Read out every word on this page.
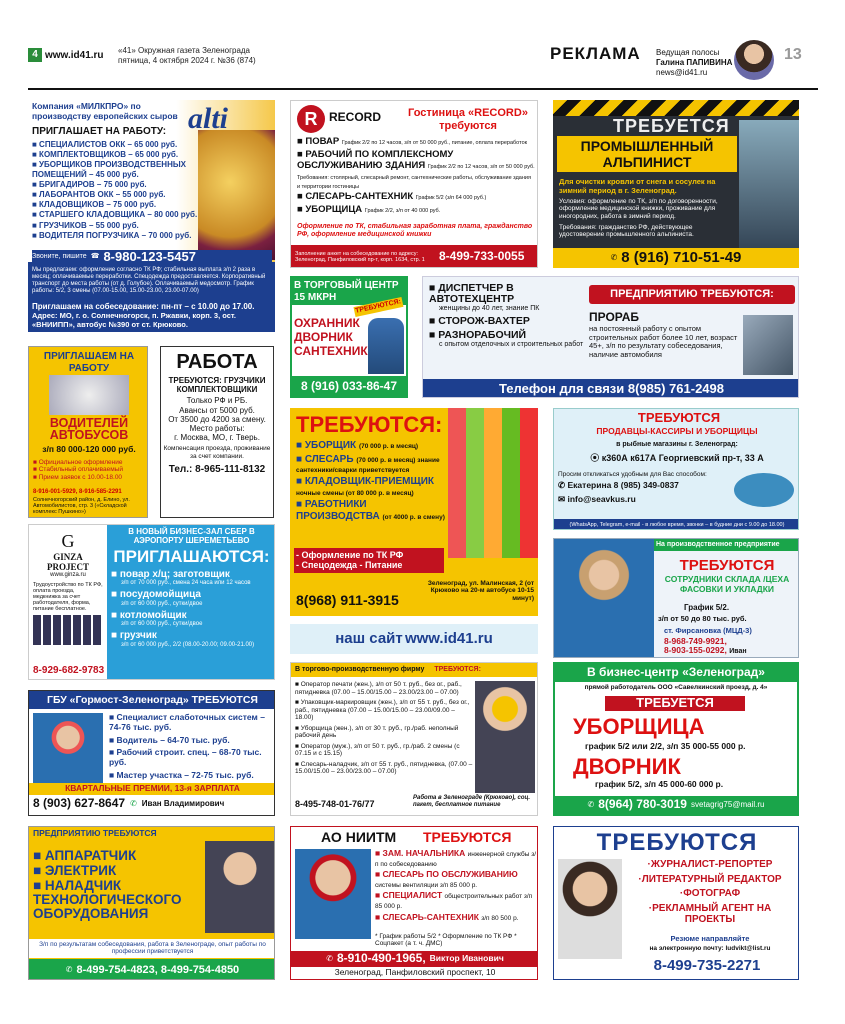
4 www.id41.ru «41» Окружная газета Зеленограда
пятница, 4 октября 2024 г. №36 (874)	РЕКЛАМА Ведущая полосы
Галина ПАПИВИНА
news@id41.ru
13
Компания «МИЛКПРО» по производству европейских сыров
ПРИГЛАШАЕТ НА РАБОТУ: alti
■ СПЕЦИАЛИСТОВ ОКК – 65 000 руб.
■ КОМПЛЕКТОВЩИКОВ – 65 000 руб.
■ УБОРЩИКОВ ПРОИЗВОДСТВЕННЫХ ПОМЕЩЕНИЙ – 45 000 руб.
■ БРИГАДИРОВ – 75 000 руб.
■ ЛАБОРАНТОВ ОКК – 55 000 руб.
■ КЛАДОВЩИКОВ – 75 000 руб.
■ СТАРШЕГО КЛАДОВЩИКА – 80 000 руб.
■ ГРУЗЧИКОВ – 55 000 руб.
■ ВОДИТЕЛЯ ПОГРУЗЧИКА – 70 000 руб.
Звоните, пишите ☎ 8-980-123-5457
Мы предлагаем: оформление согласно ТК РФ; стабильная выплата з/п 2 раза в месяц; оплачиваемые переработки. Спецодежда предоставляется. Корпоративный транспорт до места работы (от д. Голубое). Оплачиваемый медосмотр. График работы: 5/2, 3 смены (07.00-15.00, 15.00-23.00, 23.00-07.00)
Приглашаем на собеседование: пн-пт – с 10.00 до 17.00.
Адрес: МО, г. о. Солнечногорск, п. Ржавки, корп. 3, ост. «ВНИИПП», автобус №390 от ст. Крюково.
R RECORD	Гостиница «RECORD» требуются
■ ПОВАР График 2/2 по 12 часов, з/п от 50 000 руб., питание, оплата переработок
■ РАБОЧИЙ ПО КОМПЛЕКСНОМУ ОБСЛУЖИВАНИЮ ЗДАНИЯ График 2/2 по 12 часов, з/п от 50 000 руб. Требования: столярный, слесарный ремонт, сантехнические работы, обслуживание здания и территории гостиницы
■ СЛЕСАРЬ-САНТЕХНИК График 5/2 (з/п 64 000 руб.)
■ УБОРЩИЦА График 2/2, з/п от 40 000 руб.
Оформление по ТК, стабильная заработная плата, гражданство РФ, оформление медицинской книжки
Заполнение анкет на собеседование по адресу: Зеленоград, Панфиловский пр-т, корп. 1634, стр. 1	8-499-733-0055
ТРЕБУЕТСЯ
ПРОМЫШЛЕННЫЙ АЛЬПИНИСТ
Для очистки кровли от снега и сосулек на зимний период в г. Зеленоград.
Условия: оформление по ТК, з/п по договоренности, оформление медицинской книжки, проживание для иногородних, работа в зимний период.
Требования: гражданство РФ, действующее удостоверение промышленного альпиниста.
✆ 8 (916) 710-51-49
В ТОРГОВЫЙ ЦЕНТР 15 МКРН
ТРЕБУЮТСЯ:
ОХРАННИК
ДВОРНИК
САНТЕХНИК
8 (916) 033-86-47
■ ДИСПЕТЧЕР В АВТОТЕХЦЕНТР
женщины до 40 лет, знание ПК
■ СТОРОЖ-ВАХТЕР
■ РАЗНОРАБОЧИЙ
с опытом отделочных и строительных работ
ПРЕДПРИЯТИЮ ТРЕБУЮТСЯ:
ПРОРАБ
на постоянный работу с опытом строительных работ более 10 лет, возраст 45+, з/п по результату собеседования, наличие автомобиля
Телефон для связи 8(985) 761-2498
ПРИГЛАШАЕМ НА РАБОТУ
ВОДИТЕЛЕЙ АВТОБУСОВ
з/п 80 000-120 000 руб.
■ Официальное оформление
■ Стабильный оплачиваемый
■ Прием заявок с 10.00-18.00
8-916-001-5929, 8-916-585-2291
Солнечногорский район, д. Елино, ул. Автомобилистов, стр. 3 («Складской комплекс Пушкино»)
РАБОТА
ТРЕБУЮТСЯ: ГРУЗЧИКИ КОМПЛЕКТОВЩИКИ
Только РФ и РБ.
Авансы от 5000 руб.
От 3500 до 4200 за смену.
Место работы:
г. Москва, МО, г. Тверь.
Компенсация проезда, проживание за счет компании.
Тел.: 8-965-111-8132
ТРЕБУЮТСЯ:
■ УБОРЩИК (70 000 р. в месяц)
■ СЛЕСАРЬ (70 000 р. в месяц) знание сантехники/сварки приветствуется
■ КЛАДОВЩИК-ПРИЕМЩИК ночные смены (от 80 000 р. в месяц)
■ РАБОТНИКИ ПРОИЗВОДСТВА (от 4000 р. в смену)
- Оформление по ТК РФ
- Спецодежда - Питание
8(968) 911-3915
Зеленоград, ул. Малинская, 2 (от Крюково на 20-м автобусе 10-15 минут)
ТРЕБУЮТСЯ
ПРОДАВЦЫ-КАССИРЫ И УБОРЩИЦЫ
в рыбные магазины г. Зеленоград:
⦿ к360А к617А Георгиевский пр-т, 33 А
Просим откликаться удобным для Вас способом:
✆ Екатерина 8 (985) 349-0837
✉ info@seavkus.ru
(WhatsApp, Telegram, e-mail - в любое время, звонки – в будние дни с 9.00 до 18.00)
G
GINZA PROJECT
www.ginza.ru
Трудоустройство по ТК РФ, оплата проезда, медкнижка за счет работодателя, форма, питание бесплатное.
В НОВЫЙ БИЗНЕС-ЗАЛ СБЕР В АЭРОПОРТУ ШЕРЕМЕТЬЕВО
ПРИГЛАШАЮТСЯ:
■ повар х/ц; заготовщик
з/п от 70 000 руб., смена 24 часа или 12 часов
■ посудомойщица
з/п от 60 000 руб., сутки/двое
■ котломойщик
з/п от 60 000 руб., сутки/двое
■ грузчик
з/п от 60 000 руб., 2/2 (08.00-20.00; 09.00-21.00)
8-929-682-9783
На производственное предприятие
ТРЕБУЮТСЯ
СОТРУДНИКИ СКЛАДА /ЦЕХА ФАСОВКИ И УКЛАДКИ
График 5/2.
з/п от 50 до 80 тыс. руб.
ст. Фирсановка (МЦД-3)
8-968-749-9921,
8-903-155-0292, Иван
наш сайт www.id41.ru
ГБУ «Гормост-Зеленоград» ТРЕБУЮТСЯ
■ Специалист слаботочных систем – 74-76 тыс. руб.
■ Водитель – 64-70 тыс. руб.
■ Рабочий строит. спец. – 68-70 тыс. руб.
■ Мастер участка – 72-75 тыс. руб.
КВАРТАЛЬНЫЕ ПРЕМИИ, 13-я ЗАРПЛАТА
8 (903) 627-8647 ✆ Иван Владимирович
В торгово-производственную фирму ТРЕБУЮТСЯ:
■ Оператор печати (жен.), з/п от 50 т. руб., без ог., раб., пятидневка (07.00 – 15.00/15.00 – 23.00/23.00 – 07.00)
■ Упаковщик-маркировщик (жен.), з/п от 55 т. руб., без ог., раб., пятидневка (07.00 – 15.00/15.00 – 23.00/09.00 – 18.00)
■ Уборщица (жен.), з/п от 30 т. руб., гр./раб. неполный рабочий день
■ Оператор (муж.), з/п от 50 т. руб., гр./раб. 2 смены (с 07.15 и с 15.15)
■ Слесарь-наладчик, з/п от 55 т. руб., пятидневка, (07.00 – 15.00/15.00 – 23.00/23.00 – 07.00)
8-495-748-01-76/77
Работа в Зеленограде (Крюково), соц. пакет, бесплатное питание
В бизнес-центр «Зеленоград»
прямой работодатель ООО «Савелкинский проезд, д. 4»
ТРЕБУЕТСЯ
УБОРЩИЦА
график 5/2 или 2/2, з/п 35 000-55 000 р.
ДВОРНИК
график 5/2, з/п 45 000-60 000 р.
✆ 8(964) 780-3019 svetagrig75@mail.ru
ПРЕДПРИЯТИЮ ТРЕБУЮТСЯ
■ АППАРАТЧИК
■ ЭЛЕКТРИК
■ НАЛАДЧИК ТЕХНОЛОГИЧЕСКОГО ОБОРУДОВАНИЯ
З/п по результатам собеседования, работа в Зеленограде, опыт работы по профессии приветствуется
✆ 8-499-754-4823, 8-499-754-4850
АО НИИТМ ТРЕБУЮТСЯ
■ ЗАМ. НАЧАЛЬНИКА инженерной службы з/п по собеседованию
■ СЛЕСАРЬ ПО ОБСЛУЖИВАНИЮ системы вентиляции з/п 85 000 р.
■ СПЕЦИАЛИСТ общестроительных работ з/п 85 000 р.
■ СЛЕСАРЬ-САНТЕХНИК з/п 80 500 р.
* График работы 5/2 * Оформление по ТК РФ * Соцпакет (а т. ч. ДМС)
✆ 8-910-490-1965, Виктор Иванович
Зеленоград, Панфиловский проспект, 10
ТРЕБУЮТСЯ
·ЖУРНАЛИСТ-РЕПОРТЕР
·ЛИТЕРАТУРНЫЙ РЕДАКТОР
·ФОТОГРАФ
·РЕКЛАМНЫЙ АГЕНТ НА ПРОЕКТЫ
Резюме направляйте
на электронную почту: ludvikt@list.ru
8-499-735-2271
